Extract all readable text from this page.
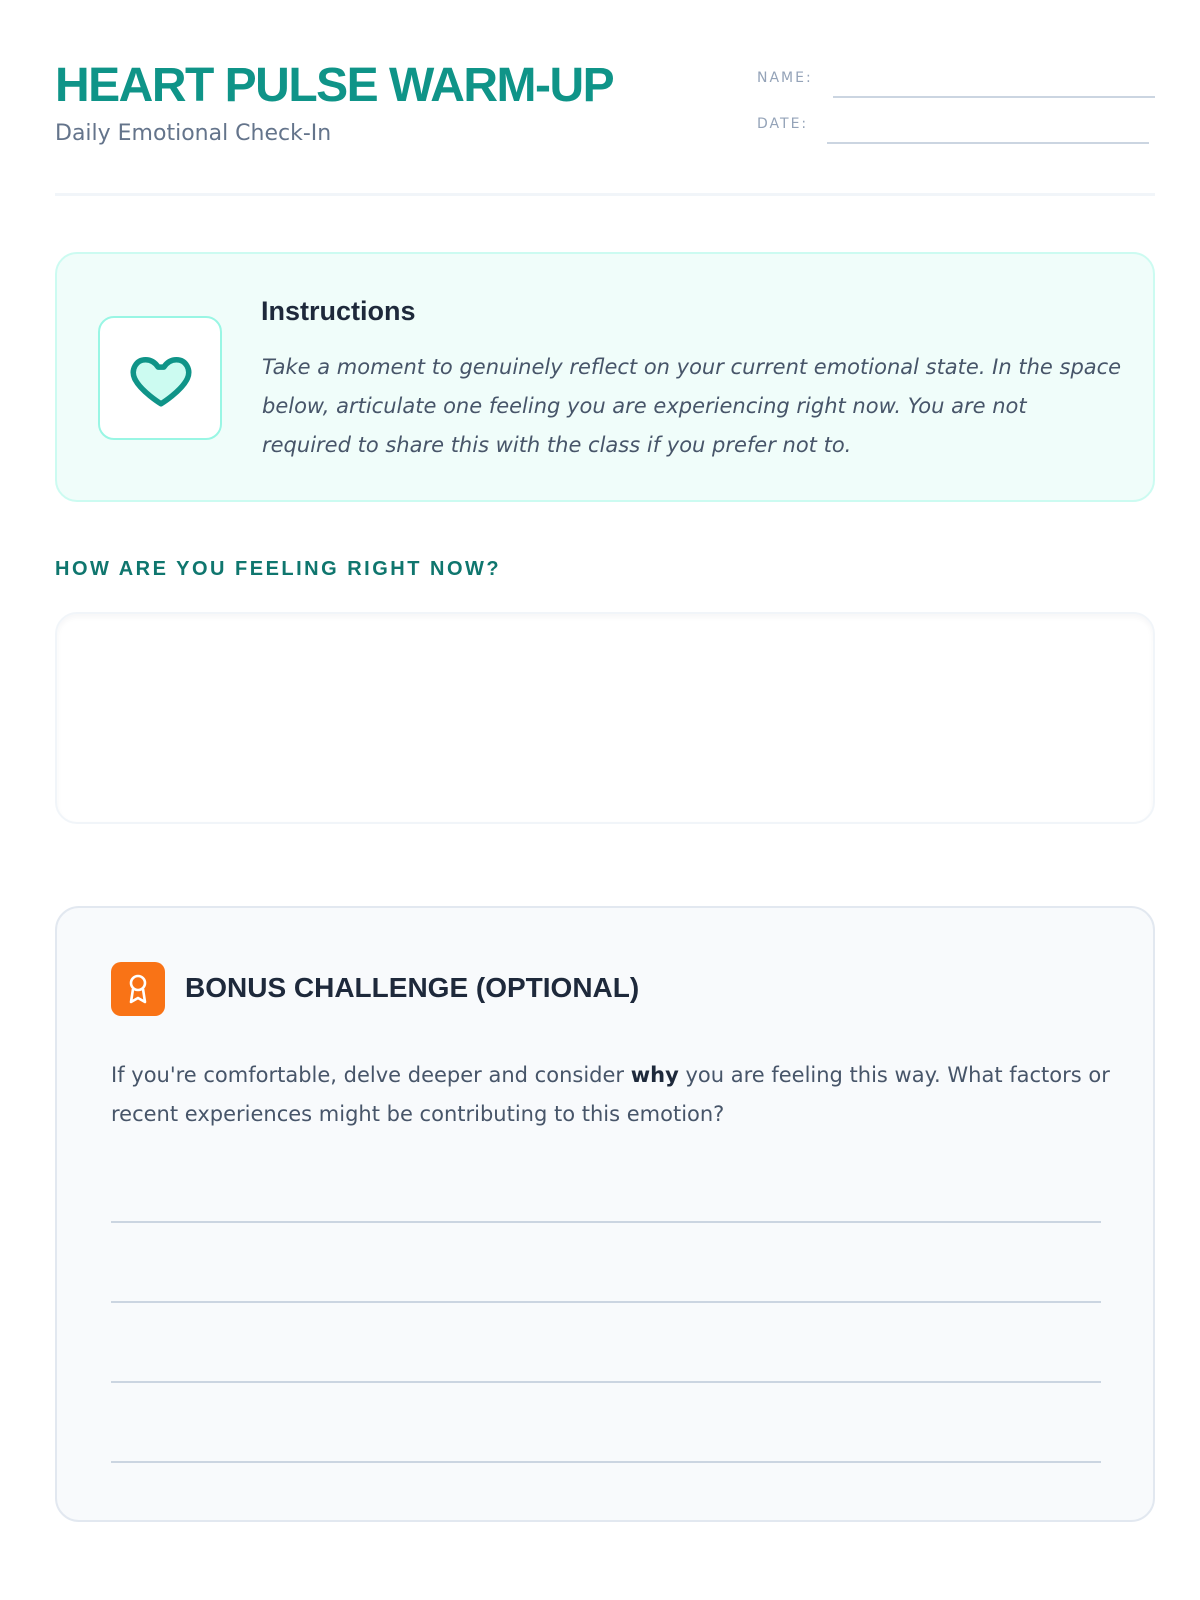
HEART PULSE WARM-UP
Daily Emotional Check-In
NAME:
DATE:
Instructions

Take a moment to genuinely reflect on your current emotional state. In the space below, articulate one feeling you are experiencing right now. You are not required to share this with the class if you prefer not to.

HOW ARE YOU FEELING RIGHT NOW?
BONUS CHALLENGE (OPTIONAL)

If you're comfortable, delve deeper and consider why you are feeling this way. What factors or recent experiences might be contributing to this emotion?
